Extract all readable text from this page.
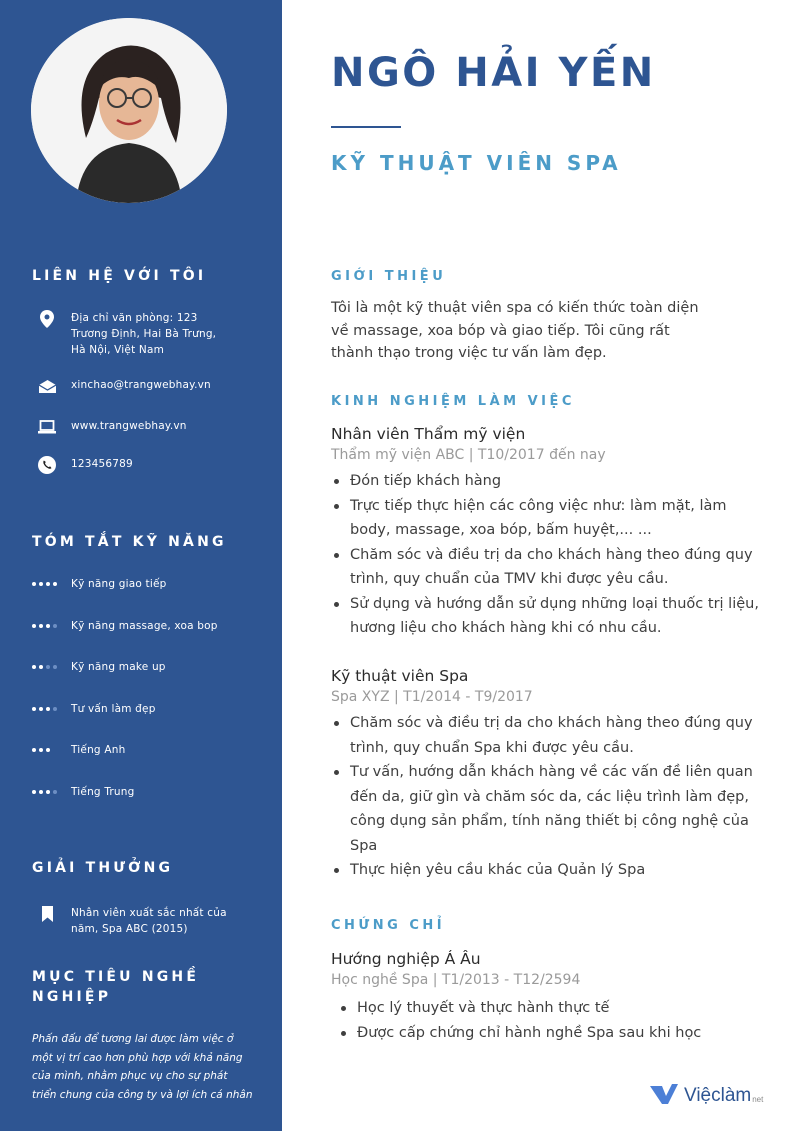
LIÊN HỆ VỚI TÔI
Địa chỉ văn phòng: 123
Trương Định, Hai Bà Trưng,
Hà Nội, Việt Nam
xinchao@trangwebhay.vn
www.trangwebhay.vn
123456789
TÓM TẮT KỸ NĂNG
Kỹ năng giao tiếp
Kỹ năng massage, xoa bop
Kỹ năng make up
Tư vấn làm đẹp
Tiếng Anh
Tiếng Trung
GIẢI THƯỞNG
Nhân viên xuất sắc nhất của
năm, Spa ABC (2015)
MỤC TIÊU NGHỀ
NGHIỆP
Phấn đấu để tương lai được làm việc ở một vị trí cao hơn phù hợp với khả năng của mình, nhằm phục vụ cho sự phát triển chung của công ty và lợi ích cá nhân
NGÔ HẢI YẾN
KỸ THUẬT VIÊN SPA
GIỚI THIỆU
Tôi là một kỹ thuật viên spa có kiến thức toàn diện về massage, xoa bóp và giao tiếp. Tôi cũng rất thành thạo trong việc tư vấn làm đẹp.
KINH NGHIỆM LÀM VIỆC
Nhân viên Thẩm mỹ viện
Thẩm mỹ viện ABC | T10/2017 đến nay
Đón tiếp khách hàng
Trực tiếp thực hiện các công việc như: làm mặt, làm body, massage, xoa bóp, bấm huyệt,... ...
Chăm sóc và điều trị da cho khách hàng theo đúng quy trình, quy chuẩn của TMV khi được yêu cầu.
Sử dụng và hướng dẫn sử dụng những loại thuốc trị liệu, hương liệu cho khách hàng khi có nhu cầu.
Kỹ thuật viên Spa
Spa XYZ | T1/2014 - T9/2017
Chăm sóc và điều trị da cho khách hàng theo đúng quy trình, quy chuẩn Spa khi được yêu cầu.
Tư vấn, hướng dẫn khách hàng về các vấn đề liên quan đến da, giữ gìn và chăm sóc da, các liệu trình làm đẹp, công dụng sản phẩm, tính năng thiết bị công nghệ của Spa
Thực hiện yêu cầu khác của Quản lý Spa
CHỨNG CHỈ
Hướng nghiệp Á Âu
Học nghề Spa | T1/2013 - T12/2594
Học lý thuyết và thực hành thực tế
Được cấp chứng chỉ hành nghề Spa sau khi học
Việclàm net
